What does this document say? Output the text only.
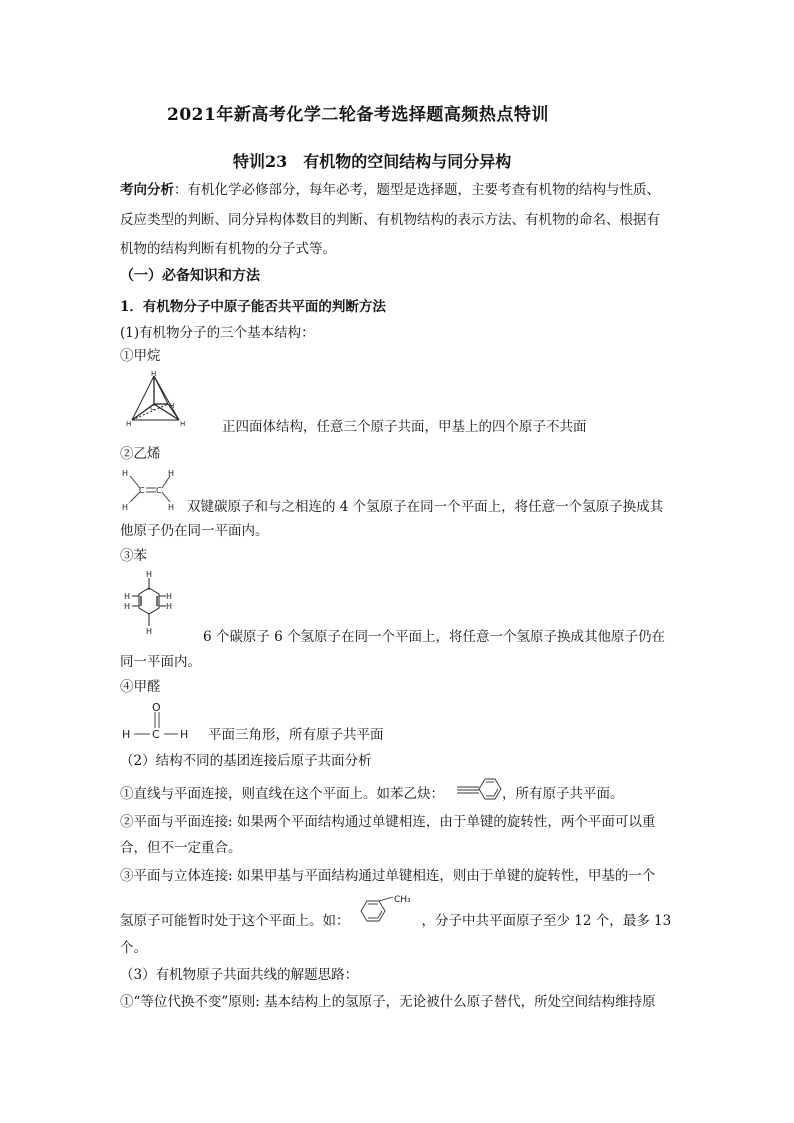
2021年新高考化学二轮备考选择题高频热点特训
特训23　有机物的空间结构与同分异构
考向分析：有机化学必修部分，每年必考，题型是选择题，主要考查有机物的结构与性质、
反应类型的判断、同分异构体数目的判断、有机物结构的表示方法、有机物的命名、根据有
机物的结构判断有机物的分子式等。
（一）必备知识和方法
1．有机物分子中原子能否共平面的判断方法
(1)有机物分子的三个基本结构：
①甲烷
H
C H
H	H	正四面体结构，任意三个原子共面，甲基上的四个原子不共面
②乙烯
H	H
C C
H	H 双键碳原子和与之相连的 4 个氢原子在同一个平面上，将任意一个氢原子换成其
他原子仍在同一平面内。
③苯
H
H
H
H
H
H
6 个碳原子 6 个氢原子在同一个平面上，将任意一个氢原子换成其他原子仍在
同一平面内。
④甲醛
O
H C H 平面三角形，所有原子共平面
（2）结构不同的基团连接后原子共面分析
①直线与平面连接，则直线在这个平面上。如苯乙炔：	，所有原子共平面。
②平面与平面连接: 如果两个平面结构通过单键相连，由于单键的旋转性，两个平面可以重
合，但不一定重合。
③平面与立体连接: 如果甲基与平面结构通过单键相连，则由于单键的旋转性，甲基的一个
氢原子可能暂时处于这个平面上。如：	，分子中共平面原子至少 12 个，最多 13
CH₃
个。
（3）有机物原子共面共线的解题思路：
①“等位代换不变”原则: 基本结构上的氢原子，无论被什么原子替代，所处空间结构维持原
